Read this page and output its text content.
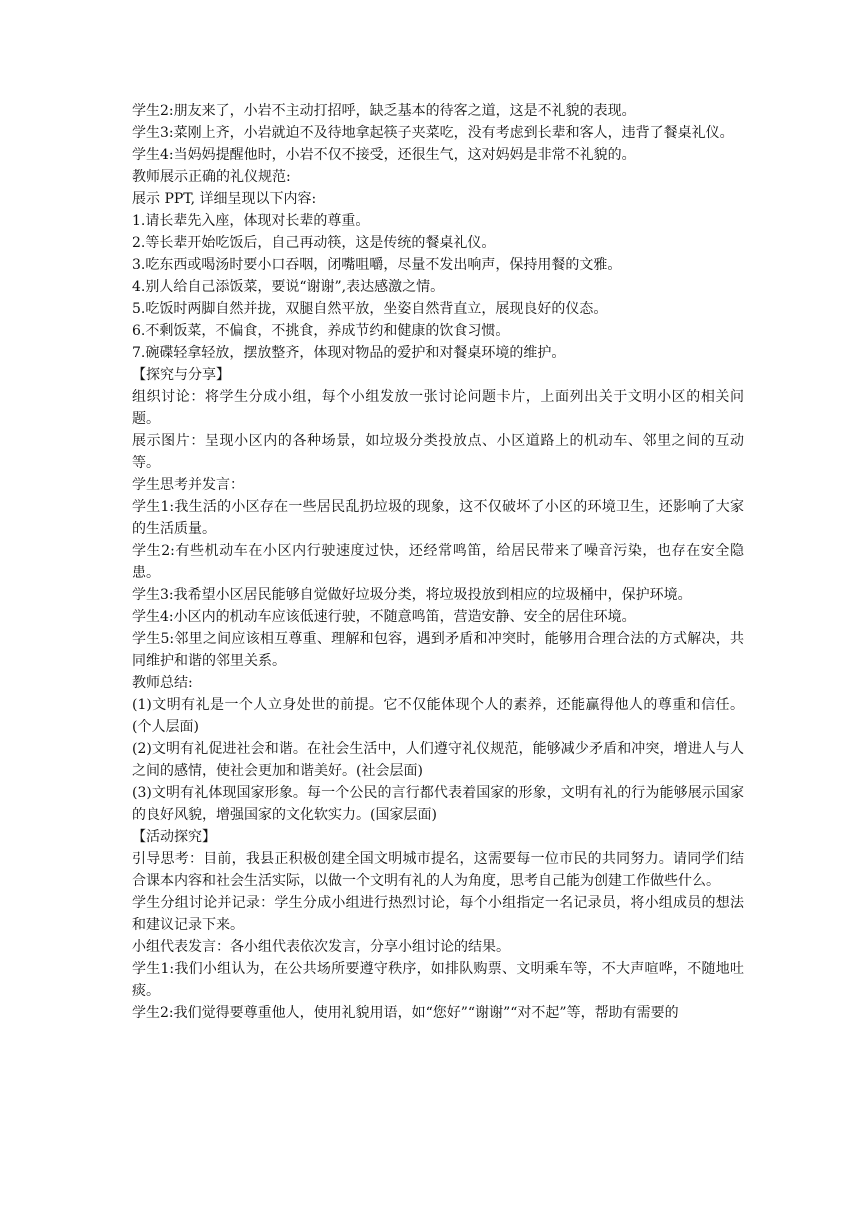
学生2:朋友来了，小岩不主动打招呼，缺乏基本的待客之道，这是不礼貌的表现。

学生3:菜刚上齐，小岩就迫不及待地拿起筷子夹菜吃，没有考虑到长辈和客人，违背了餐桌礼仪。

学生4:当妈妈提醒他时，小岩不仅不接受，还很生气，这对妈妈是非常不礼貌的。

教师展示正确的礼仪规范:

展示 PPT, 详细呈现以下内容:

1.请长辈先入座，体现对长辈的尊重。

2.等长辈开始吃饭后，自己再动筷，这是传统的餐桌礼仪。

3.吃东西或喝汤时要小口吞咽，闭嘴咀嚼，尽量不发出响声，保持用餐的文雅。

4.别人给自己添饭菜，要说“谢谢”,表达感激之情。

5.吃饭时两脚自然并拢，双腿自然平放，坐姿自然背直立，展现良好的仪态。

6.不剩饭菜，不偏食，不挑食，养成节约和健康的饮食习惯。

7.碗碟轻拿轻放，摆放整齐，体现对物品的爱护和对餐桌环境的维护。

【探究与分享】

组织讨论：将学生分成小组，每个小组发放一张讨论问题卡片，上面列出关于文明小区的相关问题。

展示图片：呈现小区内的各种场景，如垃圾分类投放点、小区道路上的机动车、邻里之间的互动等。

学生思考并发言：

学生1:我生活的小区存在一些居民乱扔垃圾的现象，这不仅破坏了小区的环境卫生，还影响了大家的生活质量。

学生2:有些机动车在小区内行驶速度过快，还经常鸣笛，给居民带来了噪音污染，也存在安全隐患。

学生3:我希望小区居民能够自觉做好垃圾分类，将垃圾投放到相应的垃圾桶中，保护环境。

学生4:小区内的机动车应该低速行驶，不随意鸣笛，营造安静、安全的居住环境。

学生5:邻里之间应该相互尊重、理解和包容，遇到矛盾和冲突时，能够用合理合法的方式解决，共同维护和谐的邻里关系。

教师总结:

(1)文明有礼是一个人立身处世的前提。它不仅能体现个人的素养，还能赢得他人的尊重和信任。(个人层面)

(2)文明有礼促进社会和谐。在社会生活中，人们遵守礼仪规范，能够减少矛盾和冲突，增进人与人之间的感情，使社会更加和谐美好。(社会层面)

(3)文明有礼体现国家形象。每一个公民的言行都代表着国家的形象，文明有礼的行为能够展示国家的良好风貌，增强国家的文化软实力。(国家层面)

【活动探究】

引导思考：目前，我县正积极创建全国文明城市提名，这需要每一位市民的共同努力。请同学们结合课本内容和社会生活实际，以做一个文明有礼的人为角度，思考自己能为创建工作做些什么。

学生分组讨论并记录：学生分成小组进行热烈讨论，每个小组指定一名记录员，将小组成员的想法和建议记录下来。

小组代表发言：各小组代表依次发言，分享小组讨论的结果。

学生1:我们小组认为，在公共场所要遵守秩序，如排队购票、文明乘车等，不大声喧哗，不随地吐痰。

学生2:我们觉得要尊重他人，使用礼貌用语，如“您好”“谢谢”“对不起”等，帮助有需要的
